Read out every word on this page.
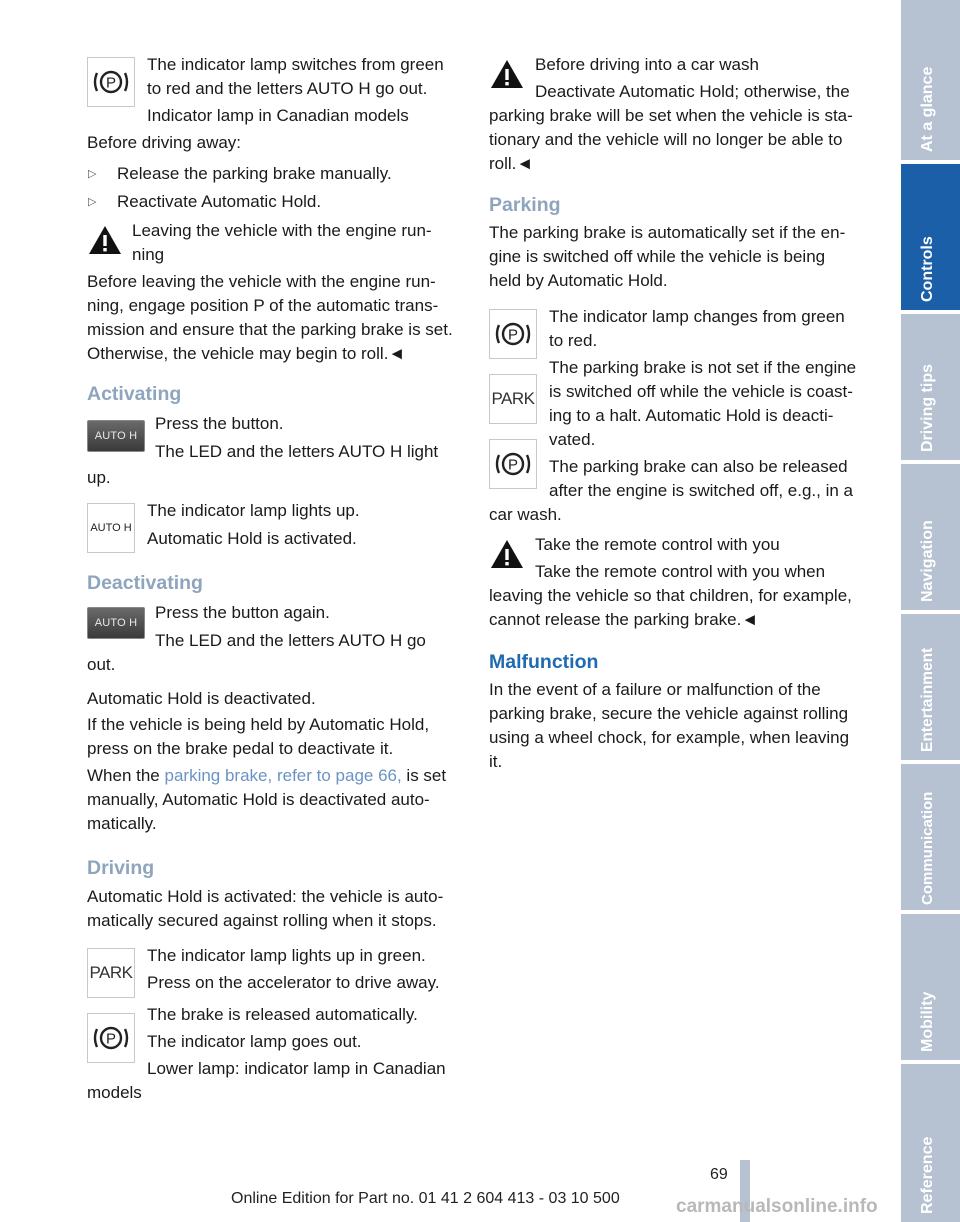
P
The indicator lamp switches from green
to red and the letters AUTO H go out.
Indicator lamp in Canadian models
Before driving away:
▷ Release the parking brake manually.
▷ Reactivate Automatic Hold.
Leaving the vehicle with the engine run-
ning
Before leaving the vehicle with the engine run-
ning, engage position P of the automatic trans-
mission and ensure that the parking brake is set.
Otherwise, the vehicle may begin to roll.◄
Activating
AUTO H
Press the button.
The LED and the letters AUTO H light
up.
AUTO H
The indicator lamp lights up.
Automatic Hold is activated.
Deactivating
AUTO H
Press the button again.
The LED and the letters AUTO H go
out.
Automatic Hold is deactivated.
If the vehicle is being held by Automatic Hold,
press on the brake pedal to deactivate it.
When the parking brake, refer to page 66, is set
manually, Automatic Hold is deactivated auto-
matically.
Driving
Automatic Hold is activated: the vehicle is auto-
matically secured against rolling when it stops.
PARK
The indicator lamp lights up in green.
Press on the accelerator to drive away.
The brake is released automatically.
P The indicator lamp goes out.
Lower lamp: indicator lamp in Canadian
models
Before driving into a car wash
Deactivate Automatic Hold; otherwise, the
parking brake will be set when the vehicle is sta-
tionary and the vehicle will no longer be able to
roll.◄
Parking
The parking brake is automatically set if the en-
gine is switched off while the vehicle is being
held by Automatic Hold.
P
The indicator lamp changes from green
to red.
The parking brake is not set if the engine
PARK is switched off while the vehicle is coast-
ing to a halt. Automatic Hold is deacti-
vated.
P The parking brake can also be released
after the engine is switched off, e.g., in a
car wash.
Take the remote control with you
Take the remote control with you when
leaving the vehicle so that children, for example,
cannot release the parking brake.◄
Malfunction
In the event of a failure or malfunction of the
parking brake, secure the vehicle against rolling
using a wheel chock, for example, when leaving
it.
At a glance
Controls
Driving tips
Navigation
Entertainment
Communication
Mobility
Reference
69
Online Edition for Part no. 01 41 2 604 413 - 03 10 500	carmanualsonline.info
